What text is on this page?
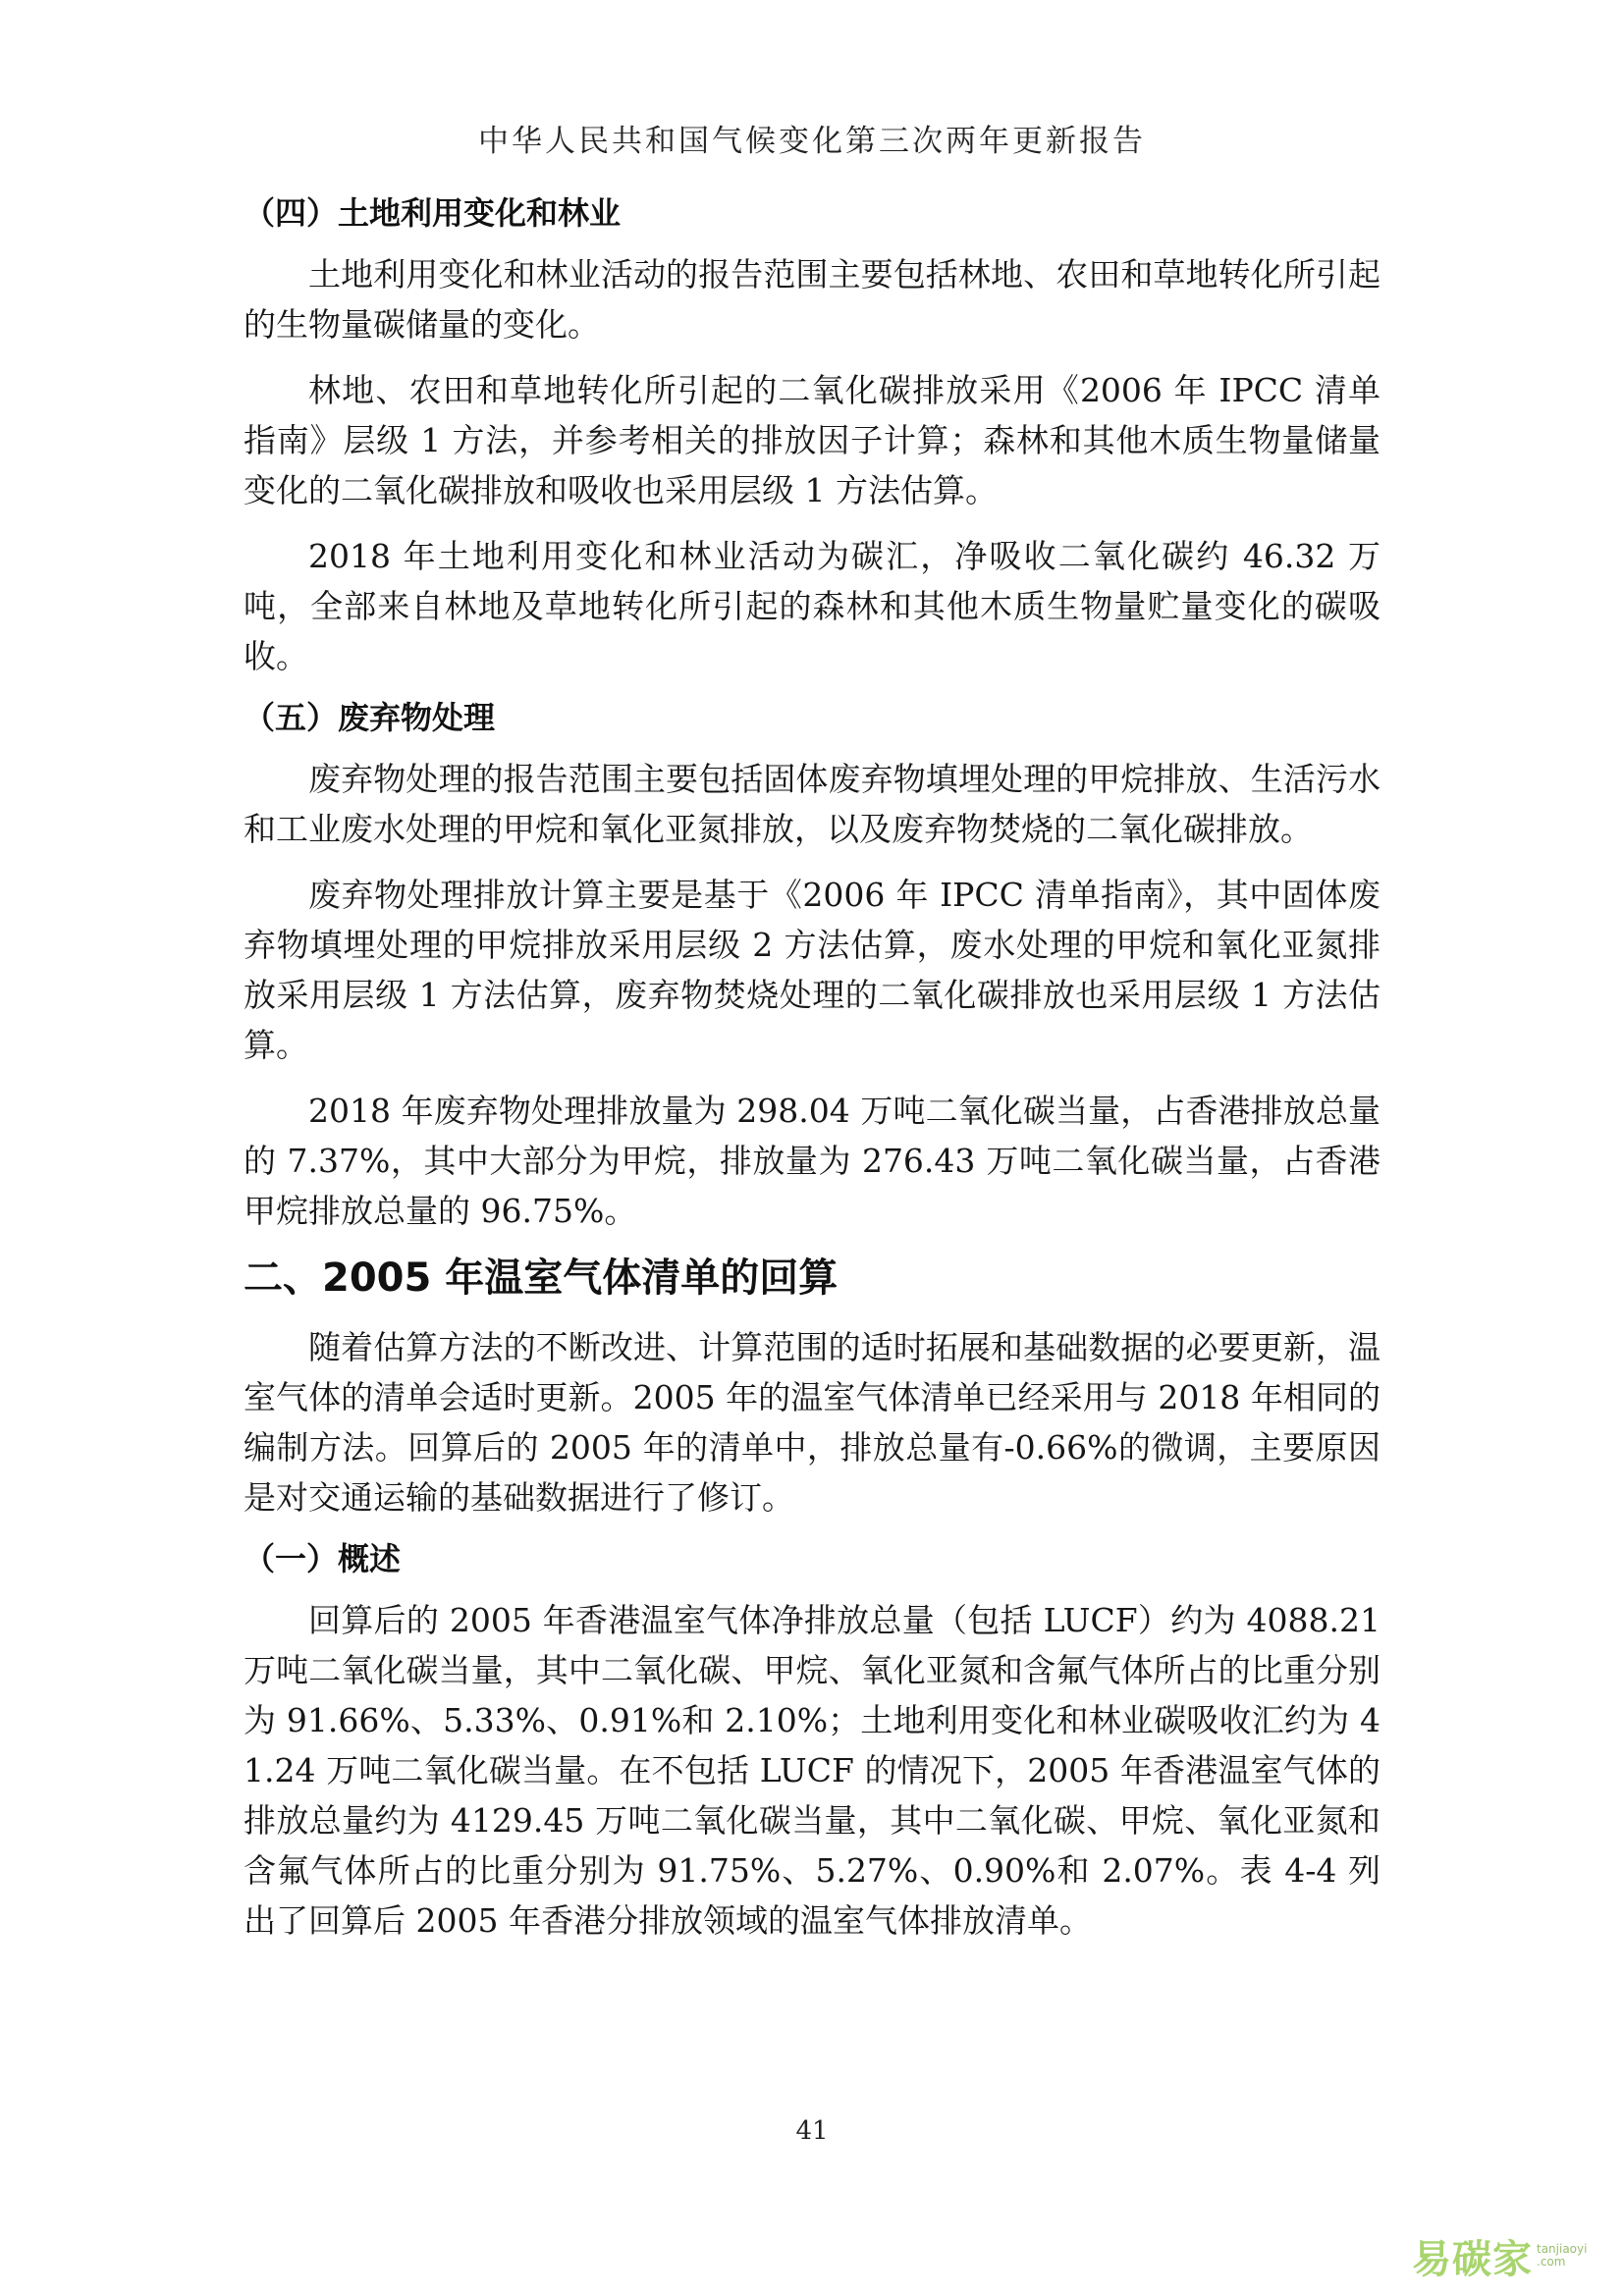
中华人民共和国气候变化第三次两年更新报告
（四）土地利用变化和林业

土地利用变化和林业活动的报告范围主要包括林地、农田和草地转化所引起的生物量碳储量的变化。

林地、农田和草地转化所引起的二氧化碳排放采用《2006 年 IPCC 清单指南》层级 1 方法，并参考相关的排放因子计算；森林和其他木质生物量储量变化的二氧化碳排放和吸收也采用层级 1 方法估算。

2018 年土地利用变化和林业活动为碳汇，净吸收二氧化碳约 46.32 万吨，全部来自林地及草地转化所引起的森林和其他木质生物量贮量变化的碳吸收。

（五）废弃物处理

废弃物处理的报告范围主要包括固体废弃物填埋处理的甲烷排放、生活污水和工业废水处理的甲烷和氧化亚氮排放，以及废弃物焚烧的二氧化碳排放。

废弃物处理排放计算主要是基于《2006 年 IPCC 清单指南》，其中固体废弃物填埋处理的甲烷排放采用层级 2 方法估算，废水处理的甲烷和氧化亚氮排放采用层级 1 方法估算，废弃物焚烧处理的二氧化碳排放也采用层级 1 方法估算。

2018 年废弃物处理排放量为 298.04 万吨二氧化碳当量，占香港排放总量的 7.37%，其中大部分为甲烷，排放量为 276.43 万吨二氧化碳当量，占香港甲烷排放总量的 96.75%。

二、2005 年温室气体清单的回算

随着估算方法的不断改进、计算范围的适时拓展和基础数据的必要更新，温室气体的清单会适时更新。2005 年的温室气体清单已经采用与 2018 年相同的编制方法。回算后的 2005 年的清单中，排放总量有-0.66%的微调，主要原因是对交通运输的基础数据进行了修订。

（一）概述

回算后的 2005 年香港温室气体净排放总量（包括 LUCF）约为 4088.21 万吨二氧化碳当量，其中二氧化碳、甲烷、氧化亚氮和含氟气体所占的比重分别为 91.66%、5.33%、0.91%和 2.10%；土地利用变化和林业碳吸收汇约为 41.24 万吨二氧化碳当量。在不包括 LUCF 的情况下，2005 年香港温室气体的排放总量约为 4129.45 万吨二氧化碳当量，其中二氧化碳、甲烷、氧化亚氮和含氟气体所占的比重分别为 91.75%、5.27%、0.90%和 2.07%。表 4-4 列出了回算后 2005 年香港分排放领域的温室气体排放清单。

41
易碳家 tanjiaoyi
.com
